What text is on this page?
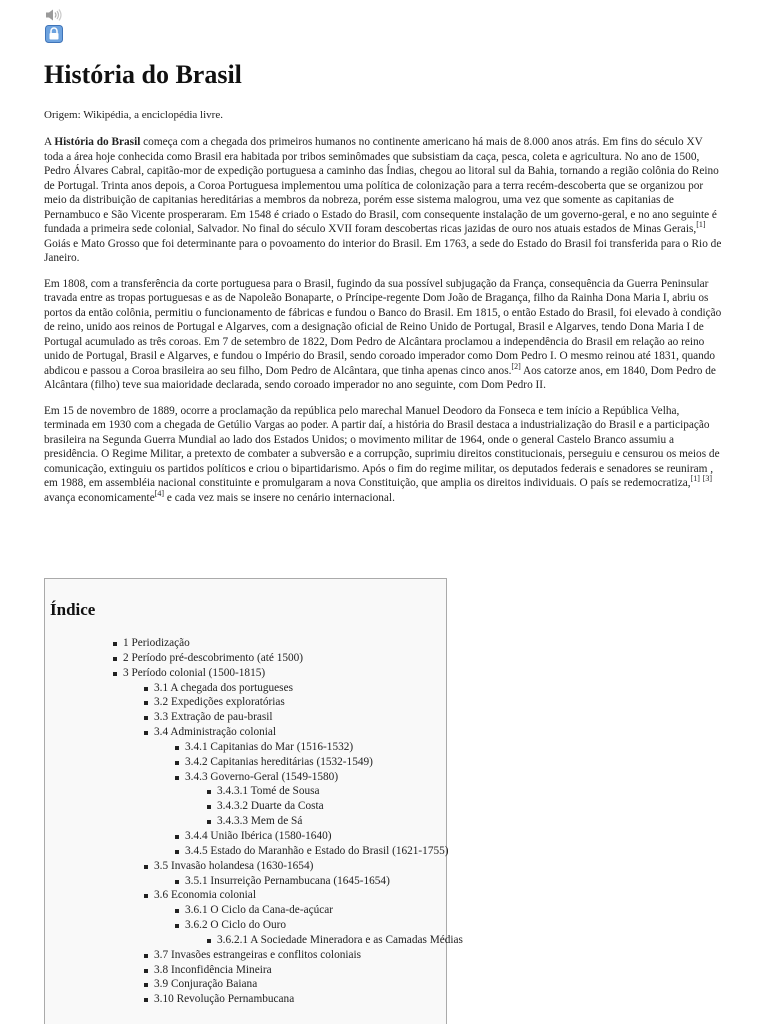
História do Brasil
Origem: Wikipédia, a enciclopédia livre.

A História do Brasil começa com a chegada dos primeiros humanos no continente americano há mais de 8.000 anos atrás. Em fins do século XV toda a área hoje conhecida como Brasil era habitada por tribos seminômades que subsistiam da caça, pesca, coleta e agricultura. No ano de 1500, Pedro Álvares Cabral, capitão-mor de expedição portuguesa a caminho das Índias, chegou ao litoral sul da Bahia, tornando a região colônia do Reino de Portugal. Trinta anos depois, a Coroa Portuguesa implementou uma política de colonização para a terra recém-descoberta que se organizou por meio da distribuição de capitanias hereditárias a membros da nobreza, porém esse sistema malogrou, uma vez que somente as capitanias de Pernambuco e São Vicente prosperaram. Em 1548 é criado o Estado do Brasil, com consequente instalação de um governo-geral, e no ano seguinte é fundada a primeira sede colonial, Salvador. No final do século XVII foram descobertas ricas jazidas de ouro nos atuais estados de Minas Gerais,[1] Goiás e Mato Grosso que foi determinante para o povoamento do interior do Brasil. Em 1763, a sede do Estado do Brasil foi transferida para o Rio de Janeiro.

Em 1808, com a transferência da corte portuguesa para o Brasil, fugindo da sua possível subjugação da França, consequência da Guerra Peninsular travada entre as tropas portuguesas e as de Napoleão Bonaparte, o Príncipe-regente Dom João de Bragança, filho da Rainha Dona Maria I, abriu os portos da então colônia, permitiu o funcionamento de fábricas e fundou o Banco do Brasil. Em 1815, o então Estado do Brasil, foi elevado à condição de reino, unido aos reinos de Portugal e Algarves, com a designação oficial de Reino Unido de Portugal, Brasil e Algarves, tendo Dona Maria I de Portugal acumulado as três coroas. Em 7 de setembro de 1822, Dom Pedro de Alcântara proclamou a independência do Brasil em relação ao reino unido de Portugal, Brasil e Algarves, e fundou o Império do Brasil, sendo coroado imperador como Dom Pedro I. O mesmo reinou até 1831, quando abdicou e passou a Coroa brasileira ao seu filho, Dom Pedro de Alcântara, que tinha apenas cinco anos.[2] Aos catorze anos, em 1840, Dom Pedro de Alcântara (filho) teve sua maioridade declarada, sendo coroado imperador no ano seguinte, com Dom Pedro II.

Em 15 de novembro de 1889, ocorre a proclamação da república pelo marechal Manuel Deodoro da Fonseca e tem início a República Velha, terminada em 1930 com a chegada de Getúlio Vargas ao poder. A partir daí, a história do Brasil destaca a industrialização do Brasil e a participação brasileira na Segunda Guerra Mundial ao lado dos Estados Unidos; o movimento militar de 1964, onde o general Castelo Branco assumiu a presidência. O Regime Militar, a pretexto de combater a subversão e a corrupção, suprimiu direitos constitucionais, perseguiu e censurou os meios de comunicação, extinguiu os partidos políticos e criou o bipartidarismo. Após o fim do regime militar, os deputados federais e senadores se reuniram , em 1988, em assembléia nacional constituinte e promulgaram a nova Constituição, que amplia os direitos individuais. O país se redemocratiza,[1] [3] avança economicamente[4] e cada vez mais se insere no cenário internacional.

Índice
1 Periodização
2 Período pré-descobrimento (até 1500)
3 Período colonial (1500-1815)
3.1 A chegada dos portugueses
3.2 Expedições exploratórias
3.3 Extração de pau-brasil
3.4 Administração colonial
3.4.1 Capitanias do Mar (1516-1532)
3.4.2 Capitanias hereditárias (1532-1549)
3.4.3 Governo-Geral (1549-1580)
3.4.3.1 Tomé de Sousa
3.4.3.2 Duarte da Costa
3.4.3.3 Mem de Sá
3.4.4 União Ibérica (1580-1640)
3.4.5 Estado do Maranhão e Estado do Brasil (1621-1755)
3.5 Invasão holandesa (1630-1654)
3.5.1 Insurreição Pernambucana (1645-1654)
3.6 Economia colonial
3.6.1 O Ciclo da Cana-de-açúcar
3.6.2 O Ciclo do Ouro
3.6.2.1 A Sociedade Mineradora e as Camadas Médias
3.7 Invasões estrangeiras e conflitos coloniais
3.8 Inconfidência Mineira
3.9 Conjuração Baiana
3.10 Revolução Pernambucana
